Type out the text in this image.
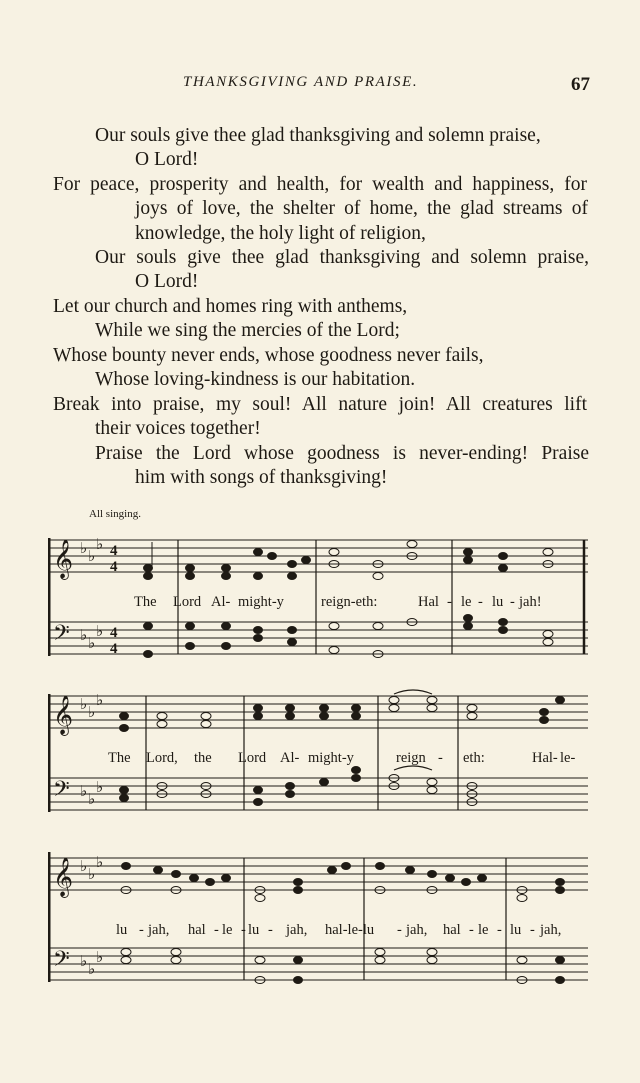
THANKSGIVING AND PRAISE.	67
Our souls give thee glad thanksgiving and solemn praise,
O Lord!
For peace, prosperity and health, for wealth and happiness, for
joys of love, the shelter of home, the glad streams of
knowledge, the holy light of religion,
Our souls give thee glad thanksgiving and solemn praise,
O Lord!
Let our church and homes ring with anthems,
While we sing the mercies of the Lord;
Whose bounty never ends, whose goodness never fails,
Whose loving-kindness is our habitation.
Break into praise, my soul! All nature join! All creatures lift
their voices together!
Praise the Lord whose goodness is never-ending! Praise
him with songs of thanksgiving!
All singing.
𝄞
𝄢
♭ ♭
♭
♭ ♭
♭
4
4
4
4
The Lord Al- might-y	reign-eth:	Hal - le - lu - jah!
𝄞
𝄢
♭ ♭
♭
♭ ♭
♭
The Lord, the Lord Al- might-y	reign - eth:	Hal- le-
𝄞
𝄢
♭ ♭
♭
♭ ♭
♭
lu - jah, hal - le - lu - jah, hal-le-lu - jah, hal - le - lu - jah,
